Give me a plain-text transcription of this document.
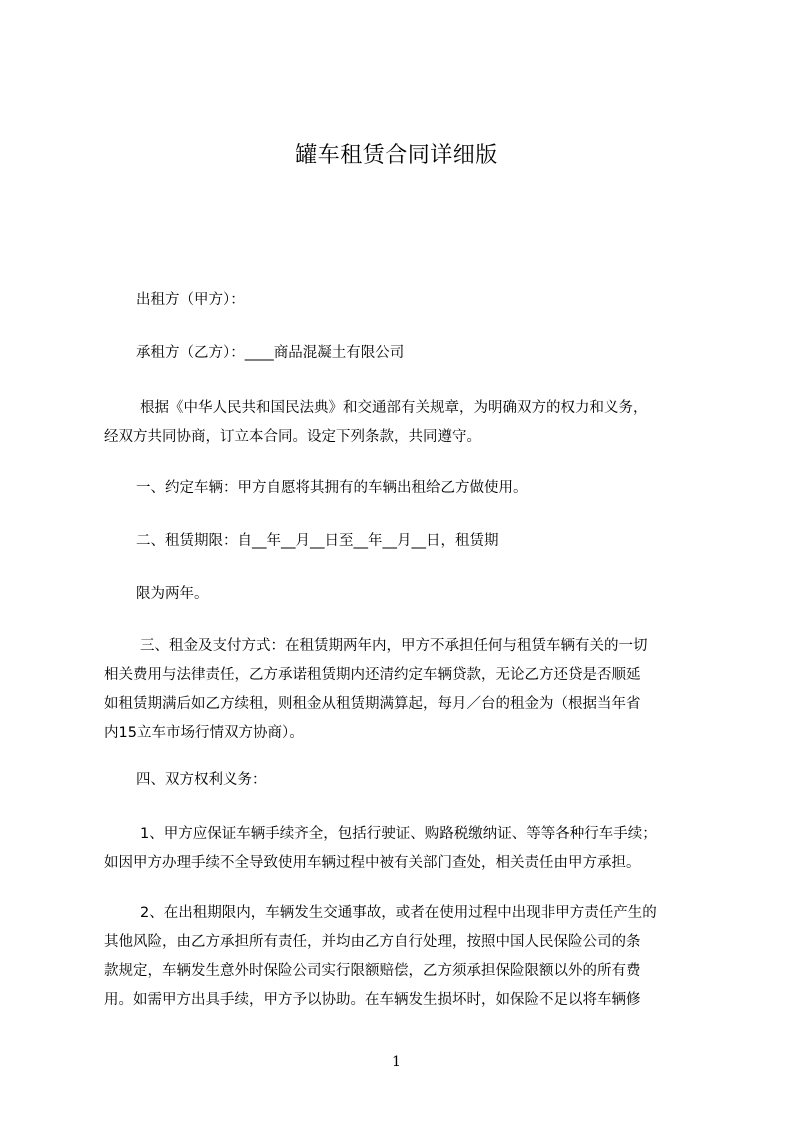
罐车租赁合同详细版

出租方（甲方）：

承租方（乙方）：____商品混凝土有限公司

根据《中华人民共和国民法典》和交通部有关规章，为明确双方的权力和义务，
经双方共同协商，订立本合同。设定下列条款，共同遵守。

一、约定车辆：甲方自愿将其拥有的车辆出租给乙方做使用。

二、租赁期限：自__年__月__日至__年__月__日，租赁期

限为两年。

三、租金及支付方式：在租赁期两年内，甲方不承担任何与租赁车辆有关的一切
相关费用与法律责任，乙方承诺租赁期内还清约定车辆贷款，无论乙方还贷是否顺延
如租赁期满后如乙方续租，则租金从租赁期满算起，每月／台的租金为（根据当年省
内15立车市场行情双方协商）。

四、双方权利义务：

1、甲方应保证车辆手续齐全，包括行驶证、购路税缴纳证、等等各种行车手续；
如因甲方办理手续不全导致使用车辆过程中被有关部门查处，相关责任由甲方承担。

2、在出租期限内，车辆发生交通事故，或者在使用过程中出现非甲方责任产生的
其他风险，由乙方承担所有责任，并均由乙方自行处理，按照中国人民保险公司的条
款规定，车辆发生意外时保险公司实行限额赔偿，乙方须承担保险限额以外的所有费
用。如需甲方出具手续，甲方予以协助。在车辆发生损坏时，如保险不足以将车辆修

1
